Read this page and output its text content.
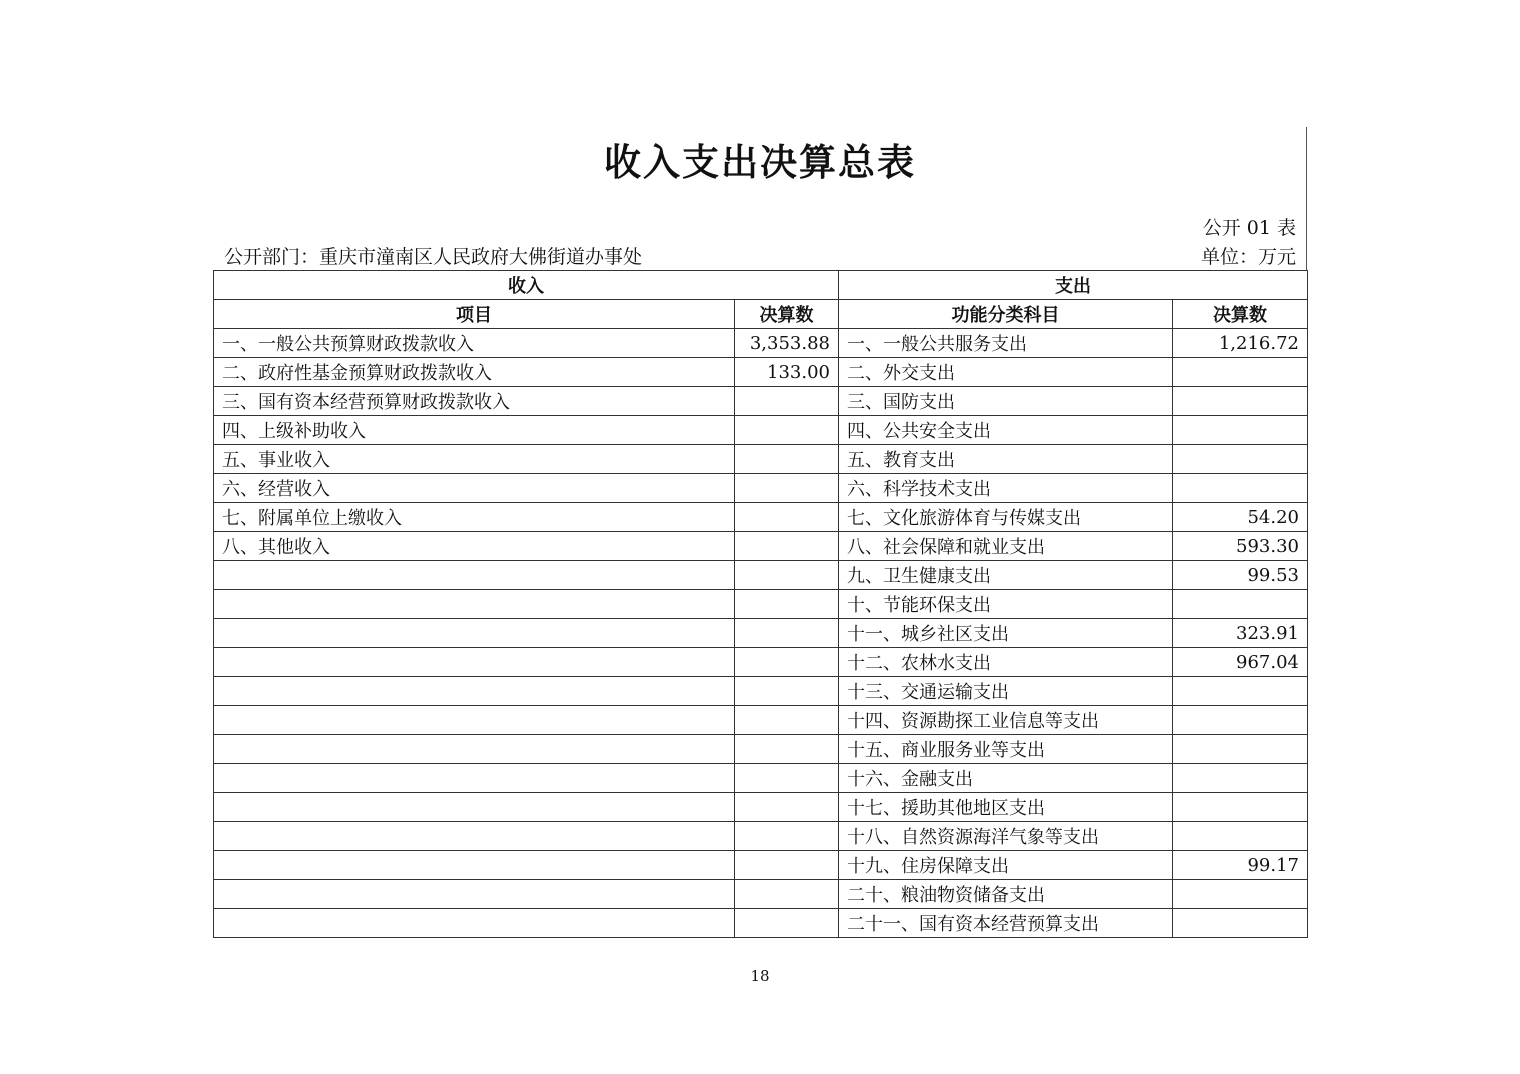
收入支出决算总表
公开 01 表
公开部门：重庆市潼南区人民政府大佛街道办事处	单位：万元
收入		支出	
项目	决算数	功能分类科目	决算数
一、一般公共预算财政拨款收入	3,353.88	一、一般公共服务支出	1,216.72
二、政府性基金预算财政拨款收入	133.00	二、外交支出	
三、国有资本经营预算财政拨款收入		三、国防支出	
四、上级补助收入		四、公共安全支出	
五、事业收入		五、教育支出	
六、经营收入		六、科学技术支出	
七、附属单位上缴收入		七、文化旅游体育与传媒支出	54.20
八、其他收入		八、社会保障和就业支出	593.30
		九、卫生健康支出	99.53
		十、节能环保支出	
		十一、城乡社区支出	323.91
		十二、农林水支出	967.04
		十三、交通运输支出	
		十四、资源勘探工业信息等支出	
		十五、商业服务业等支出	
		十六、金融支出	
		十七、援助其他地区支出	
		十八、自然资源海洋气象等支出	
		十九、住房保障支出	99.17
		二十、粮油物资储备支出	
		二十一、国有资本经营预算支出	
18
